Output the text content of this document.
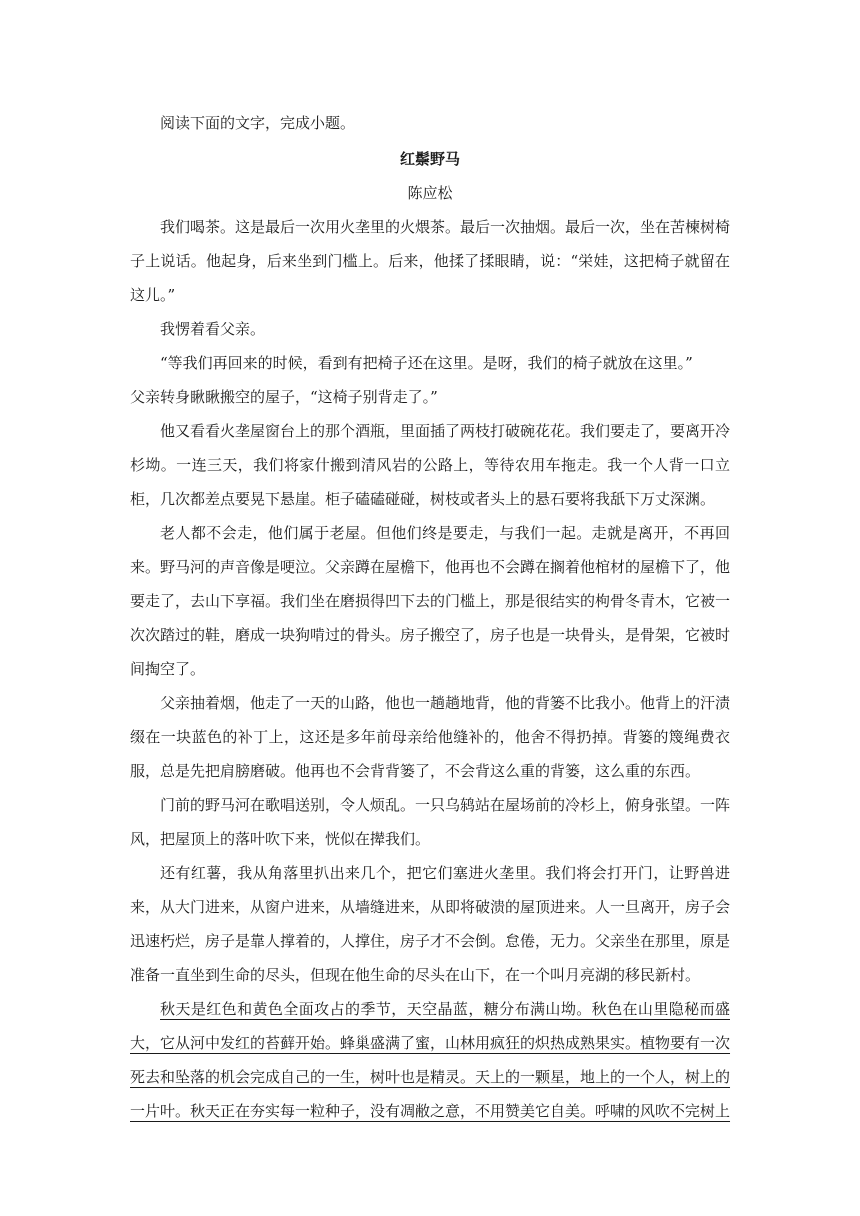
阅读下面的文字，完成小题。

红鬃野马

陈应松

我们喝茶。这是最后一次用火垄里的火煨茶。最后一次抽烟。最后一次，坐在苦楝树椅子上说话。他起身，后来坐到门槛上。后来，他揉了揉眼睛，说：“栄娃，这把椅子就留在这儿。”

我愣着看父亲。

“等我们再回来的时候，看到有把椅子还在这里。是呀，我们的椅子就放在这里。”

父亲转身瞅瞅搬空的屋子，“这椅子别背走了。”

他又看看火垄屋窗台上的那个酒瓶，里面插了两枝打破碗花花。我们要走了，要离开冷杉坳。一连三天，我们将家什搬到清风岩的公路上，等待农用车拖走。我一个人背一口立柜，几次都差点要晃下悬崖。柜子磕磕碰碰，树枝或者头上的悬石要将我舐下万丈深渊。

老人都不会走，他们属于老屋。但他们终是要走，与我们一起。走就是离开，不再回来。野马河的声音像是哽泣。父亲蹲在屋檐下，他再也不会蹲在搁着他棺材的屋檐下了，他要走了，去山下享福。我们坐在磨损得凹下去的门槛上，那是很结实的枸骨冬青木，它被一次次踏过的鞋，磨成一块狗啃过的骨头。房子搬空了，房子也是一块骨头，是骨架，它被时间掏空了。

父亲抽着烟，他走了一天的山路，他也一趟趟地背，他的背篓不比我小。他背上的汗渍缀在一块蓝色的补丁上，这还是多年前母亲给他缝补的，他舍不得扔掉。背篓的篾绳费衣服，总是先把肩膀磨破。他再也不会背背篓了，不会背这么重的背篓，这么重的东西。

门前的野马河在歌唱送别，令人烦乱。一只乌鸫站在屋场前的冷杉上，俯身张望。一阵风，把屋顶上的落叶吹下来，恍似在撵我们。

还有红薯，我从角落里扒出来几个，把它们塞进火垄里。我们将会打开门，让野兽进来，从大门进来，从窗户进来，从墙缝进来，从即将破溃的屋顶进来。人一旦离开，房子会迅速朽烂，房子是靠人撑着的，人撑住，房子才不会倒。怠倦，无力。父亲坐在那里，原是准备一直坐到生命的尽头，但现在他生命的尽头在山下，在一个叫月亮湖的移民新村。

秋天是红色和黄色全面攻占的季节，天空晶蓝，糖分布满山坳。秋色在山里隐秘而盛大，它从河中发红的苔藓开始。蜂巢盛满了蜜，山林用疯狂的炽热成熟果实。植物要有一次死去和坠落的机会完成自己的一生，树叶也是精灵。天上的一颗星，地上的一个人，树上的一片叶。秋天正在夯实每一粒种子，没有凋敝之意，不用赞美它自美。呼啸的风吹不完树上
